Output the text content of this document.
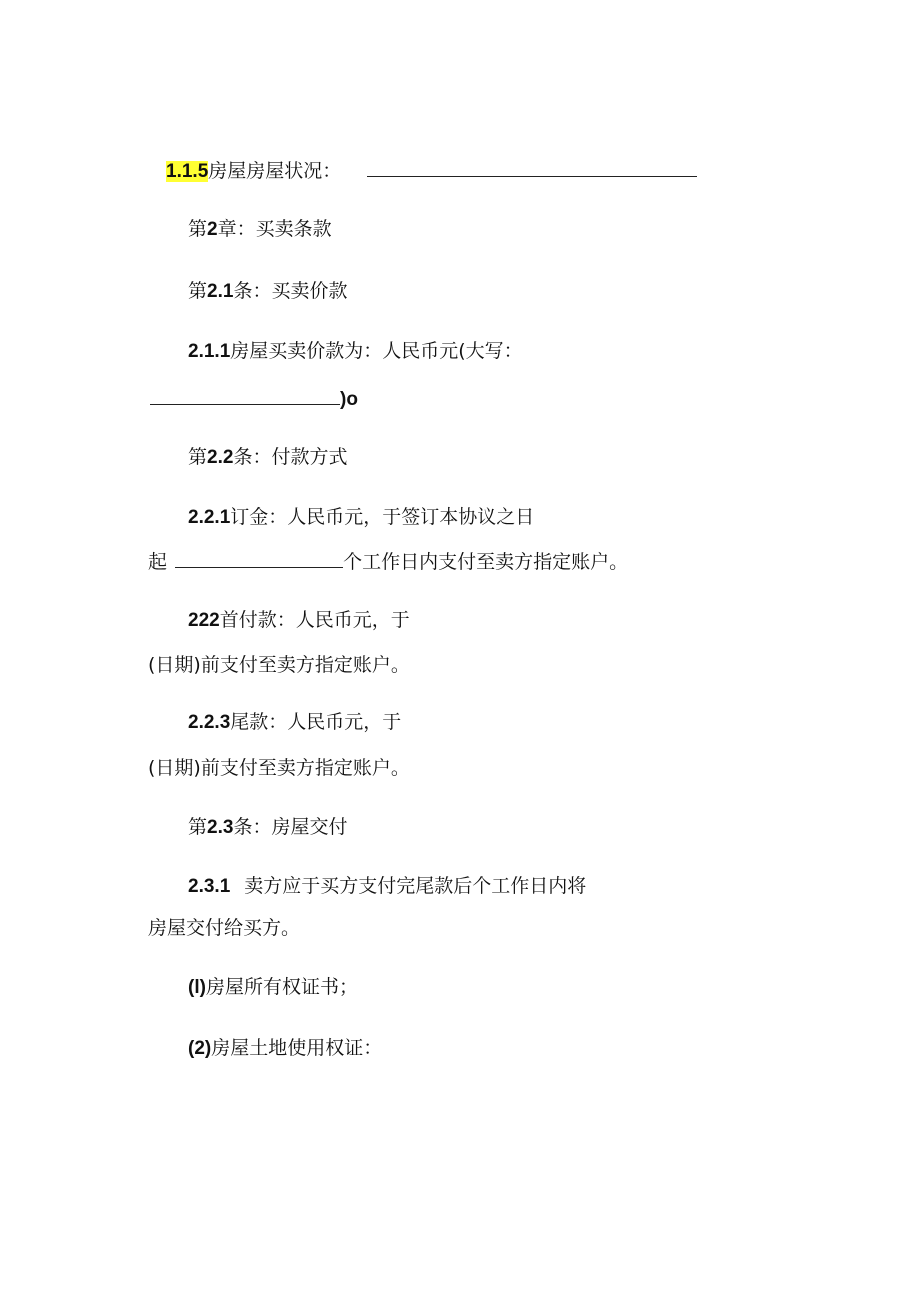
1.1.5房屋房屋状况：
第2章：买卖条款
第2.1条：买卖价款
2.1.1房屋买卖价款为：人民币元(大写：
)o
第2.2条：付款方式
2.2.1订金：人民币元，于签订本协议之日
起	个工作日内支付至卖方指定账户。
222首付款：人民币元，于
(日期)前支付至卖方指定账户。
2.2.3尾款：人民币元，于
(日期)前支付至卖方指定账户。
第2.3条：房屋交付
2.3.1 卖方应于买方支付完尾款后个工作日内将
房屋交付给买方。
(l)房屋所有权证书；
(2)房屋土地使用权证：
